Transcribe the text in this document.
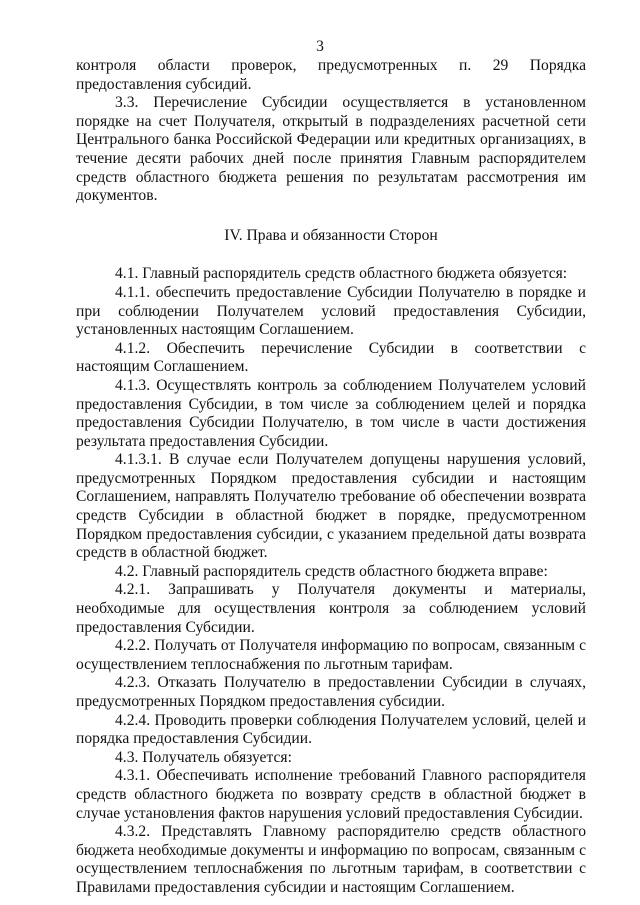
3

контроля области проверок, предусмотренных п. 29 Порядка предоставления субсидий.

3.3. Перечисление Субсидии осуществляется в установленном порядке на счет Получателя, открытый в подразделениях расчетной сети Центрального банка Российской Федерации или кредитных организациях, в течение десяти рабочих дней после принятия Главным распорядителем средств областного бюджета решения по результатам рассмотрения им документов.

IV. Права и обязанности Сторон

4.1. Главный распорядитель средств областного бюджета обязуется:

4.1.1. обеспечить предоставление Субсидии Получателю в порядке и при соблюдении Получателем условий предоставления Субсидии, установленных настоящим Соглашением.

4.1.2. Обеспечить перечисление Субсидии в соответствии с настоящим Соглашением.

4.1.3. Осуществлять контроль за соблюдением Получателем условий предоставления Субсидии, в том числе за соблюдением целей и порядка предоставления Субсидии Получателю, в том числе в части достижения результата предоставления Субсидии.

4.1.3.1. В случае если Получателем допущены нарушения условий, предусмотренных Порядком предоставления субсидии и настоящим Соглашением, направлять Получателю требование об обеспечении возврата средств Субсидии в областной бюджет в порядке, предусмотренном Порядком предоставления субсидии, с указанием предельной даты возврата средств в областной бюджет.

4.2. Главный распорядитель средств областного бюджета вправе:

4.2.1. Запрашивать у Получателя документы и материалы, необходимые для осуществления контроля за соблюдением условий предоставления Субсидии.

4.2.2. Получать от Получателя информацию по вопросам, связанным с осуществлением теплоснабжения по льготным тарифам.

4.2.3. Отказать Получателю в предоставлении Субсидии в случаях, предусмотренных Порядком предоставления субсидии.

4.2.4. Проводить проверки соблюдения Получателем условий, целей и порядка предоставления Субсидии.

4.3. Получатель обязуется:

4.3.1. Обеспечивать исполнение требований Главного распорядителя средств областного бюджета по возврату средств в областной бюджет в случае установления фактов нарушения условий предоставления Субсидии.

4.3.2. Представлять Главному распорядителю средств областного бюджета необходимые документы и информацию по вопросам, связанным с осуществлением теплоснабжения по льготным тарифам, в соответствии с Правилами предоставления субсидии и настоящим Соглашением.
